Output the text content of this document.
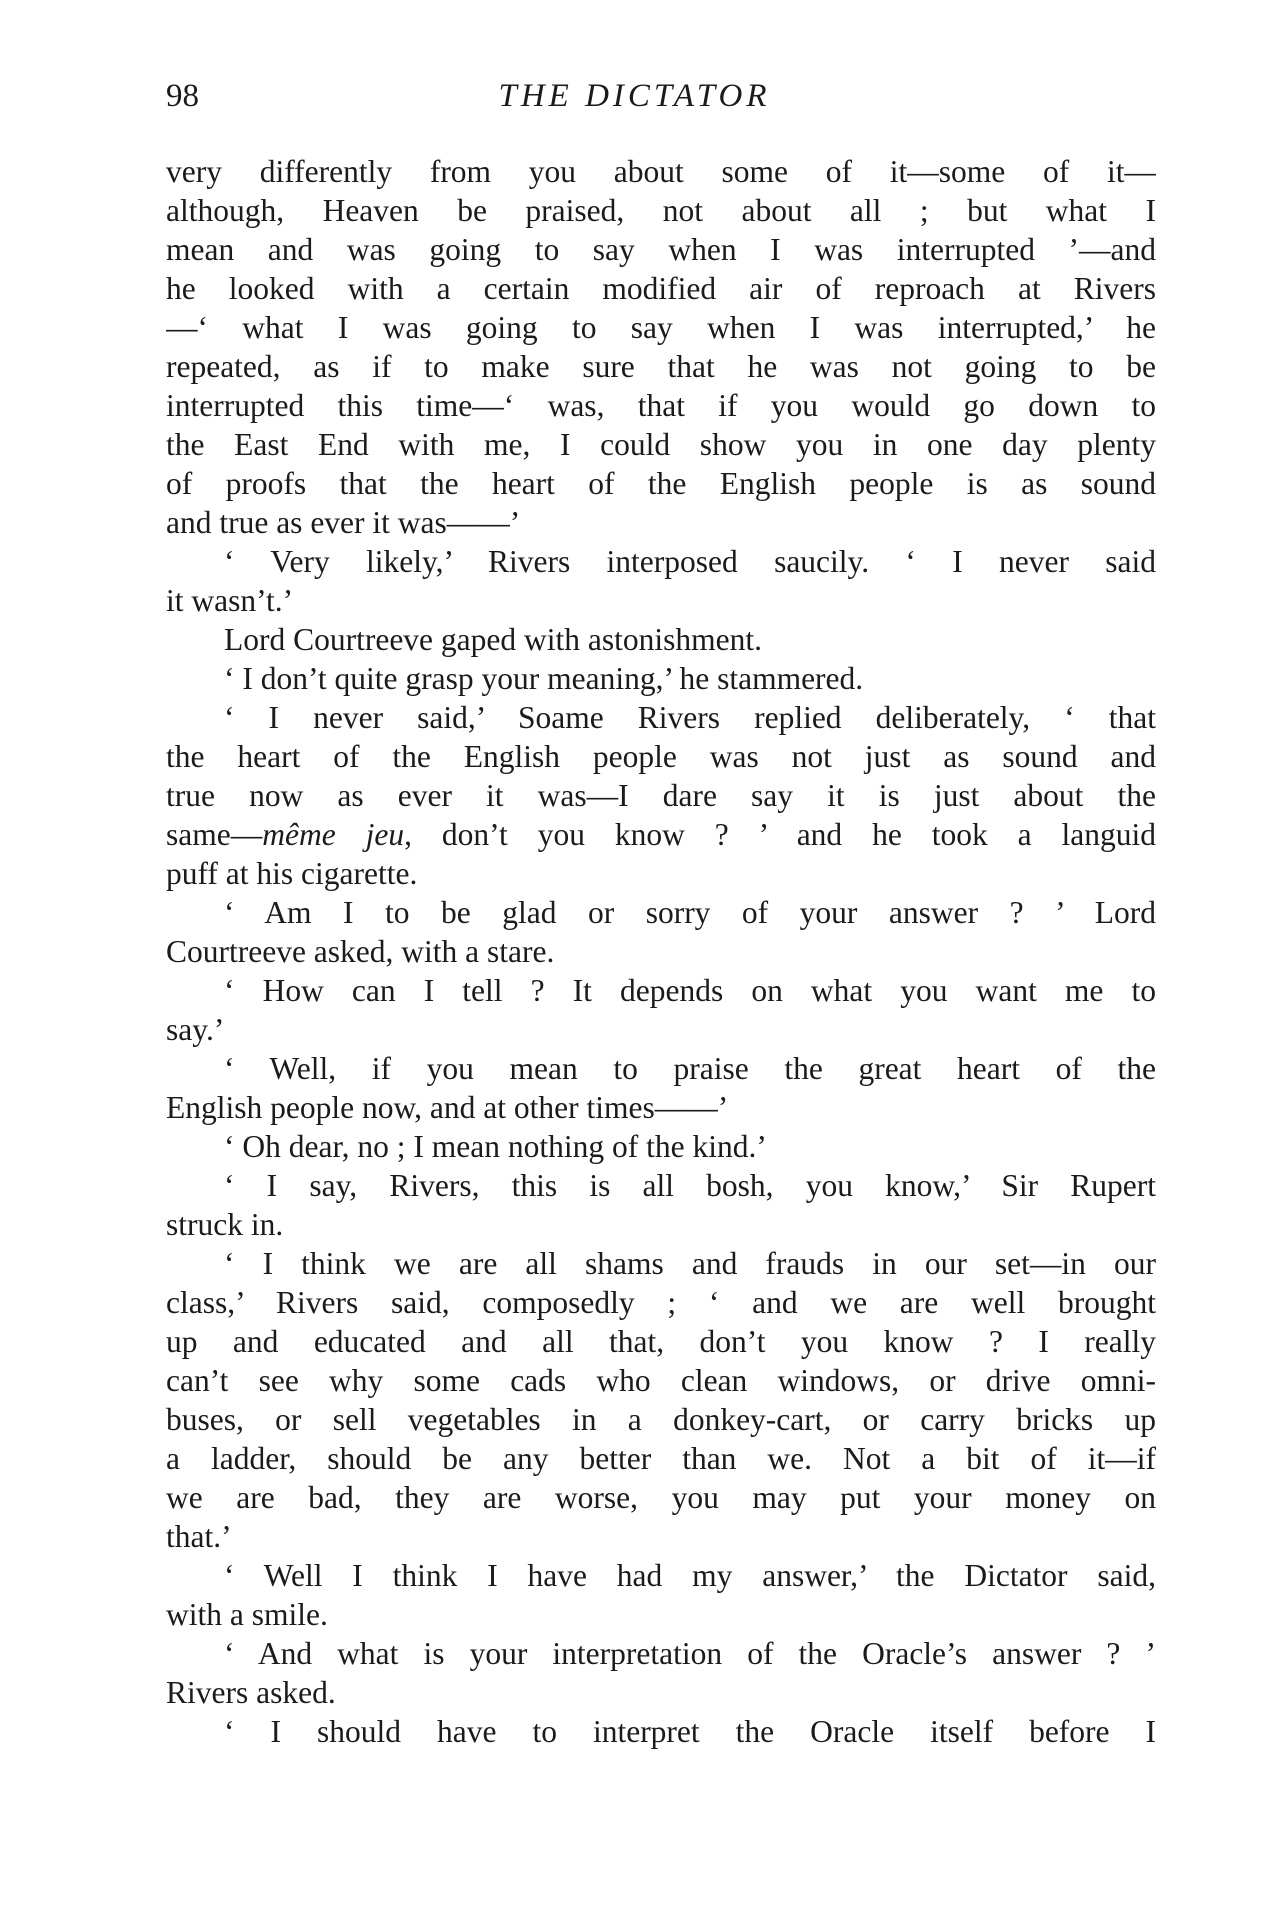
98	THE DICTATOR
very differently from you about some of it—some of it—
although, Heaven be praised, not about all ; but what I
mean and was going to say when I was interrupted ’—and
he looked with a certain modified air of reproach at Rivers
—‘ what I was going to say when I was interrupted,’ he
repeated, as if to make sure that he was not going to be
interrupted this time—‘ was, that if you would go down to
the East End with me, I could show you in one day plenty
of proofs that the heart of the English people is as sound
and true as ever it was——’
‘ Very likely,’ Rivers interposed saucily. ‘ I never said
it wasn’t.’
Lord Courtreeve gaped with astonishment.
‘ I don’t quite grasp your meaning,’ he stammered.
‘ I never said,’ Soame Rivers replied deliberately, ‘ that
the heart of the English people was not just as sound and
true now as ever it was—I dare say it is just about the
same—même jeu, don’t you know ? ’ and he took a languid
puff at his cigarette.
‘ Am I to be glad or sorry of your answer ? ’ Lord
Courtreeve asked, with a stare.
‘ How can I tell ? It depends on what you want me to
say.’
‘ Well, if you mean to praise the great heart of the
English people now, and at other times——’
‘ Oh dear, no ; I mean nothing of the kind.’
‘ I say, Rivers, this is all bosh, you know,’ Sir Rupert
struck in.
‘ I think we are all shams and frauds in our set—in our
class,’ Rivers said, composedly ; ‘ and we are well brought
up and educated and all that, don’t you know ? I really
can’t see why some cads who clean windows, or drive omni-
buses, or sell vegetables in a donkey-cart, or carry bricks up
a ladder, should be any better than we. Not a bit of it—if
we are bad, they are worse, you may put your money on
that.’
‘ Well I think I have had my answer,’ the Dictator said,
with a smile.
‘ And what is your interpretation of the Oracle’s answer ? ’
Rivers asked.
‘ I should have to interpret the Oracle itself before I
